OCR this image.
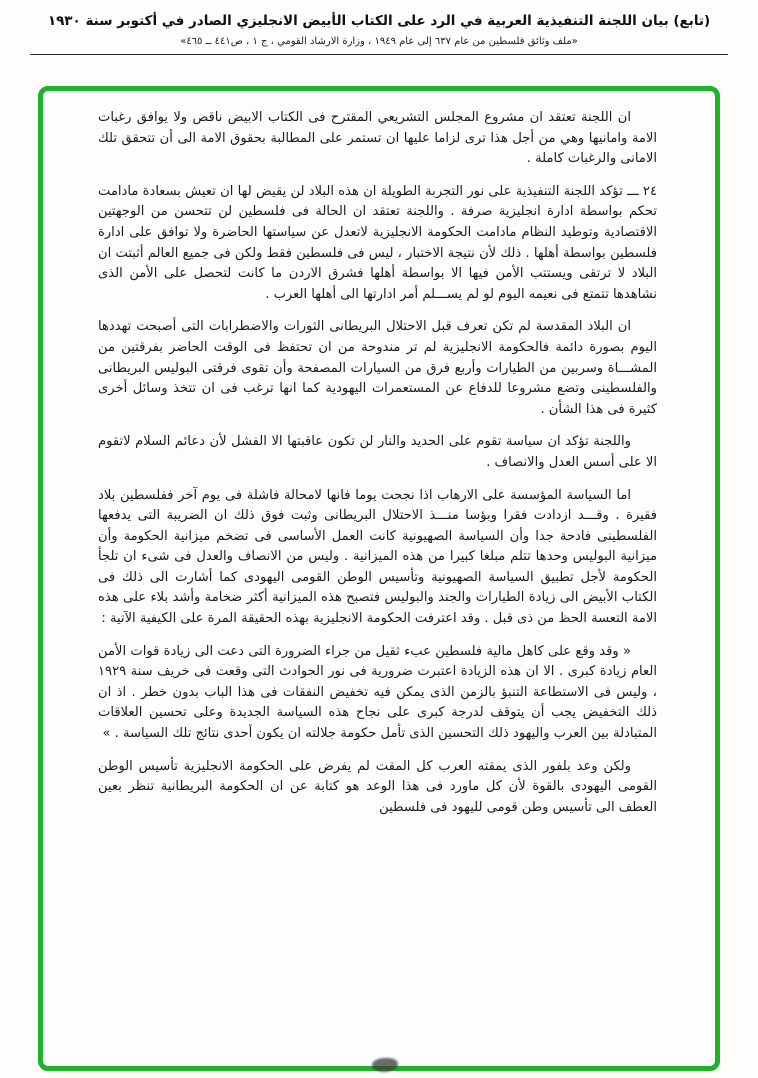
(تابع) بيان اللجنة التنفيذية العربية في الرد على الكتاب الأبيض الانجليزي الصادر في أكتوبر سنة ١٩٣٠
«ملف وثائق فلسطين من عام ٦٣٧ إلى عام ١٩٤٩ ، وزارة الارشاد القومي ، ج ١ ، ص٤٤١ ــ ٤٦٥»

ان اللجنة تعتقد ان مشروع المجلس التشريعي المقترح فى الكتاب الابيض ناقص ولا يوافق رغبات الامة وامانيها وهي من أجل هذا ترى لزاما عليها ان تستمر على المطالبة بحقوق الامة الى أن تتحقق تلك الامانى والرغبات كاملة .

٢٤ ـــ تؤكد اللجنة التنفيذية على نور التجربة الطويلة ان هذه البلاد لن يقيض لها ان تعيش بسعادة مادامت تحكم بواسطة ادارة انجليزية صرفة . واللجنة تعتقد ان الحالة فى فلسطين لن تتحسن من الوجهتين الاقتصادية وتوطيد النظام مادامت الحكومة الانجليزية لاتعدل عن سياستها الحاضرة ولا توافق على ادارة فلسطين بواسطة أهلها . ذلك لأن نتيجة الاختبار ، ليس فى فلسطين فقط ولكن فى جميع العالم أثبتت ان البلاد لا ترتقى ويستتب الأمن فيها الا بواسطة أهلها فشرق الاردن ما كانت لتحصل على الأمن الذى نشاهدها تتمتع فى نعيمه اليوم لو لم يســـلم أمر ادارتها الى أهلها العرب .

ان البلاد المقدسة لم تكن تعرف قبل الاحتلال البريطانى الثورات والاضطرابات التى أصبحت تهددها اليوم بصورة دائمة فالحكومة الانجليزية لم تر مندوحة من ان تحتفظ فى الوقت الحاضر بفرقتين من المشـــاة وسربين من الطيارات وأربع فرق من السيارات المصفحة وأن تقوى فرقتى البوليس البريطانى والفلسطينى وتضع مشروعا للدفاع عن المستعمرات اليهودية كما انها ترغب فى ان تتخذ وسائل أخرى كثيرة فى هذا الشأن .

واللجنة تؤكد ان سياسة تقوم على الحديد والنار لن تكون عاقبتها الا الفشل لأن دعائم السلام لاتقوم الا على أسس العدل والانصاف .

اما السياسة المؤسسة على الارهاب اذا نجحت يوما فانها لامحالة فاشلة فى يوم آخر ففلسطين بلاد فقيرة . وقـــد ازدادت فقرا وبؤسا منـــذ الاحتلال البريطانى وثبت فوق ذلك ان الضريبة التى يدفعها الفلسطينى فادحة جدا وأن السياسة الصهيونية كانت العمل الأساسى فى تضخم ميزانية الحكومة وأن ميزانية البوليس وحدها تتلم مبلغا كبيرا من هذه الميزانية . وليس من الانصاف والعدل فى شىء ان تلجأ الحكومة لأجل تطبيق السياسة الصهيونية وتأسيس الوطن القومى اليهودى كما أشارت الى ذلك فى الكتاب الأبيض الى زيادة الطيارات والجند والبوليس فتصبح هذه الميزانية أكثر ضخامة وأشد بلاء على هذه الامة التعسة الحظ من ذى قبل . وقد اعترفت الحكومة الانجليزية بهذه الحقيقة المرة على الكيفية الآتية :

« وقد وقع على كاهل مالية فلسطين عبء ثقيل من جراء الضرورة التى دعت الى زيادة قوات الأمن العام زيادة كبرى . الا ان هذه الزيادة اعتبرت ضرورية فى نور الحوادث التى وقعت فى خريف سنة ١٩٢٩ ، وليس فى الاستطاعة التنبؤ بالزمن الذى يمكن فيه تخفيض النفقات فى هذا الباب بدون خطر . اذ ان ذلك التخفيض يجب أن يتوقف لدرجة كبرى على نجاح هذه السياسة الجديدة وعلى تحسين العلاقات المتبادلة بين العرب واليهود ذلك التحسين الذى تأمل حكومة جلالته ان يكون أحدى نتائج تلك السياسة . »

ولكن وعد بلفور الذى يمقته العرب كل المقت لم يفرض على الحكومة الانجليزية تأسيس الوطن القومى اليهودى بالقوة لأن كل ماورد فى هذا الوعد هو كتابة عن ان الحكومة البريطانية تنظر بعين العطف الى تأسيس وطن قومى لليهود فى فلسطين
